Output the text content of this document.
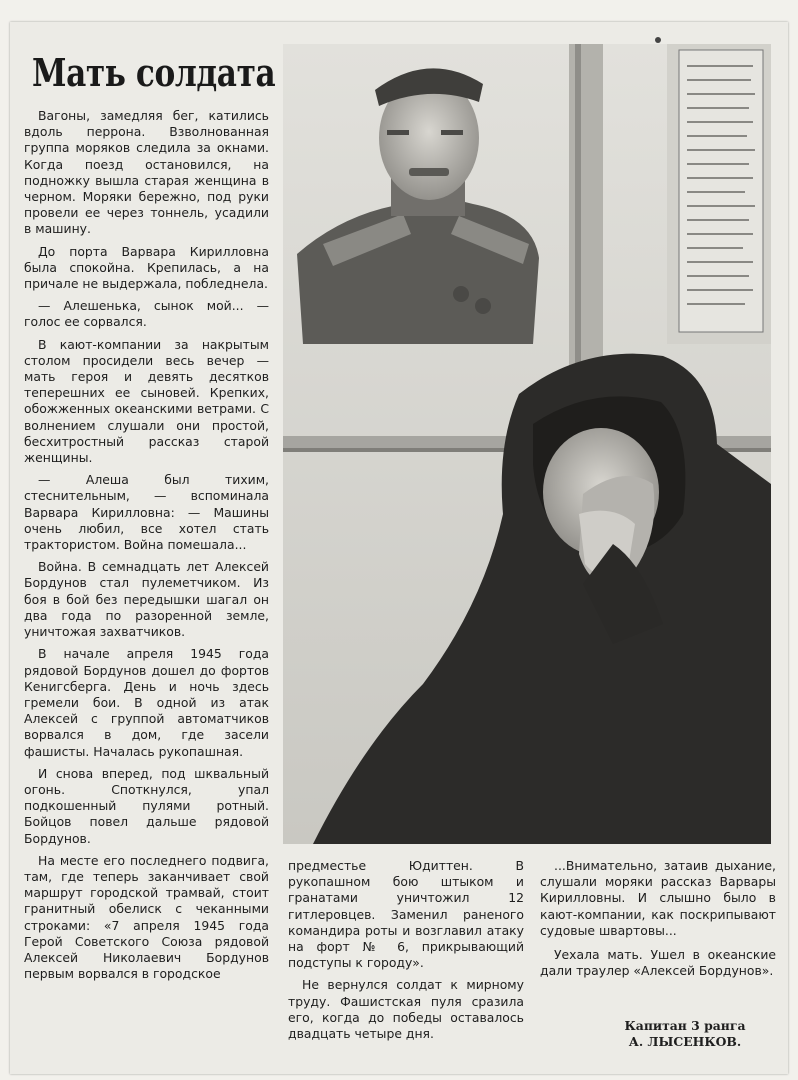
Мать солдата

Вагоны, замедляя бег, катились вдоль перрона. Взволнованная группа моряков следила за окнами. Когда поезд остановился, на подножку вышла старая женщина в черном. Моряки бережно, под руки провели ее через тоннель, усадили в машину.

До порта Варвара Кирилловна была спокойна. Крепилась, а на причале не выдержала, побледнела.

— Алешенька, сынок мой... — голос ее сорвался.

В кают-компании за накрытым столом просидели весь вечер — мать героя и девять десятков теперешних ее сыновей. Крепких, обожженных океанскими ветрами. С волнением слушали они простой, бесхитростный рассказ старой женщины.

— Алеша был тихим, стеснительным, — вспоминала Варвара Кирилловна: — Машины очень любил, все хотел стать трактористом. Война помешала...

Война. В семнадцать лет Алексей Бордунов стал пулеметчиком. Из боя в бой без передышки шагал он два года по разоренной земле, уничтожая захватчиков.

В начале апреля 1945 года рядовой Бордунов дошел до фортов Кенигсберга. День и ночь здесь гремели бои. В одной из атак Алексей с группой автоматчиков ворвался в дом, где засели фашисты. Началась рукопашная.

И снова вперед, под шквальный огонь. Споткнулся, упал подкошенный пулями ротный. Бойцов повел дальше рядовой Бордунов.

На месте его последнего подвига, там, где теперь заканчивает свой маршрут городской трамвай, стоит гранитный обелиск с чеканными строками: «7 апреля 1945 года Герой Советского Союза рядовой Алексей Николаевич Бордунов первым ворвался в городское

предместье Юдиттен. В рукопашном бою штыком и гранатами уничтожил 12 гитлеровцев. Заменил раненого командира роты и возглавил атаку на форт № 6, прикрывающий подступы к городу».

Не вернулся солдат к мирному труду. Фашистская пуля сразила его, когда до победы оставалось двадцать четыре дня.

...Внимательно, затаив дыхание, слушали моряки рассказ Варвары Кирилловны. И слышно было в кают-компании, как поскрипывают судовые швартовы...

Уехала мать. Ушел в океанские дали траулер «Алексей Бордунов».

Капитан 3 ранга
А. ЛЫСЕНКОВ.
